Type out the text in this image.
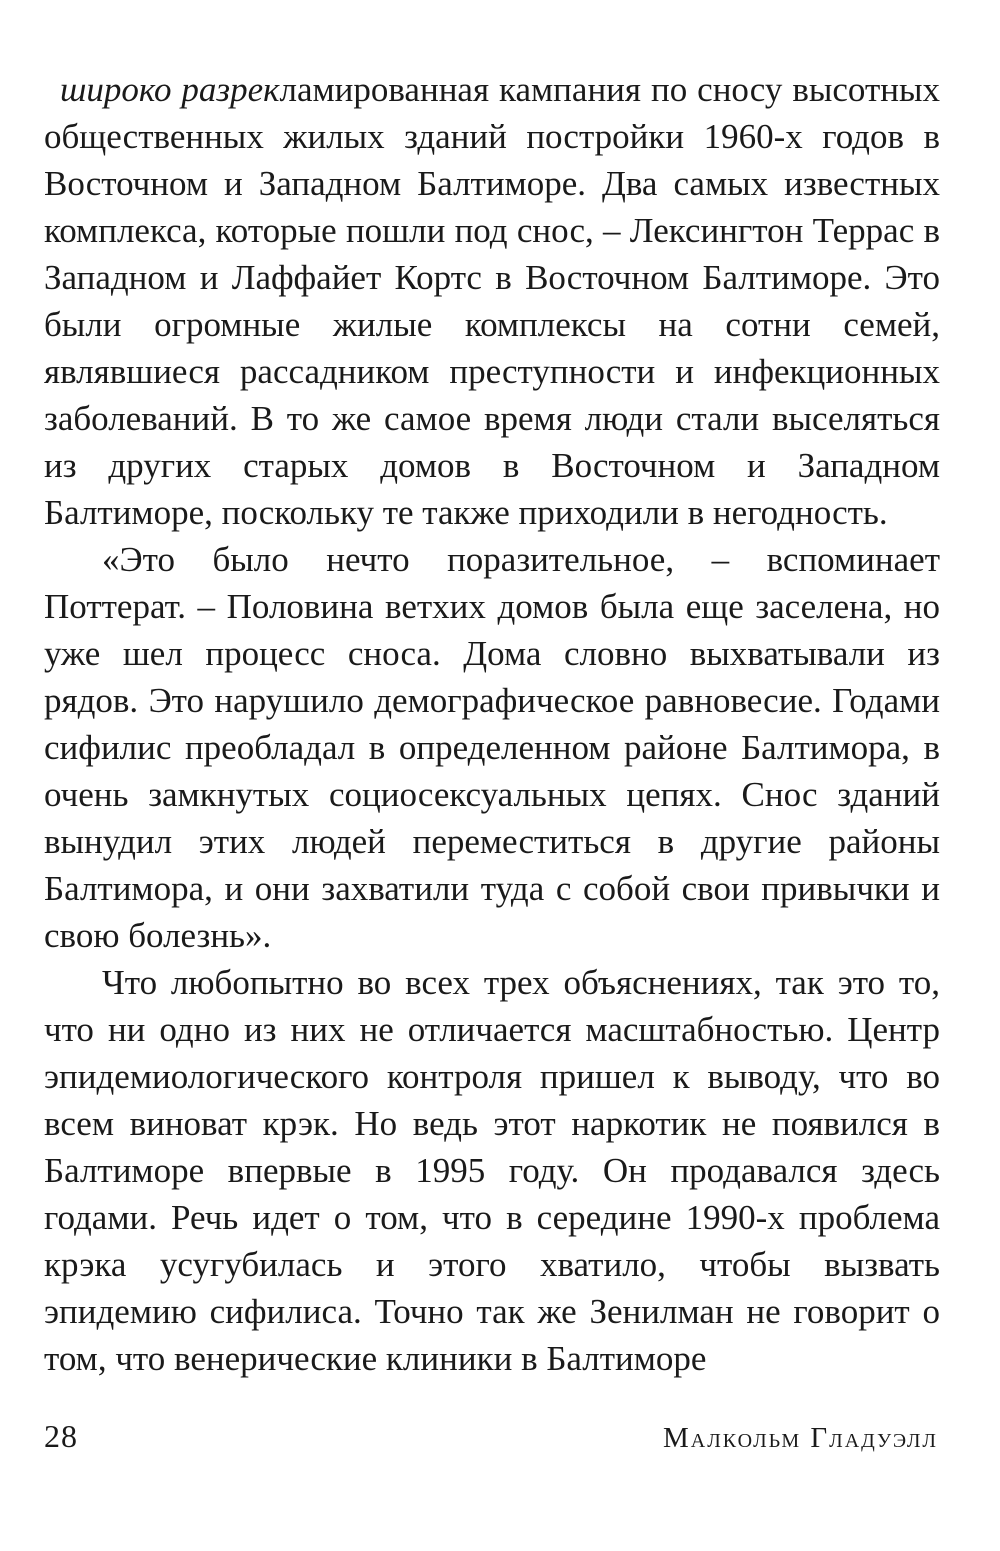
широко разрекламированная кампания по сносу высотных общественных жилых зданий постройки 1960-х годов в Восточном и Западном Балтиморе. Два самых известных комплекса, которые пошли под снос, – Лексингтон Террас в Западном и Лаффайет Кортс в Восточном Балтиморе. Это были огромные жилые комплексы на сотни семей, являвшиеся рассадником преступности и инфекционных заболеваний. В то же самое время люди стали выселяться из других старых домов в Восточном и Западном Балтиморе, поскольку те также приходили в негодность.

«Это было нечто поразительное, – вспоминает Поттерат. – Половина ветхих домов была еще заселена, но уже шел процесс сноса. Дома словно выхватывали из рядов. Это нарушило демографическое равновесие. Годами сифилис преобладал в определенном районе Балтимора, в очень замкнутых социосексуальных цепях. Снос зданий вынудил этих людей переместиться в другие районы Балтимора, и они захватили туда с собой свои привычки и свою болезнь».

Что любопытно во всех трех объяснениях, так это то, что ни одно из них не отличается масштабностью. Центр эпидемиологического контроля пришел к выводу, что во всем виноват крэк. Но ведь этот наркотик не появился в Балтиморе впервые в 1995 году. Он продавался здесь годами. Речь идет о том, что в середине 1990-х проблема крэка усугубилась и этого хватило, чтобы вызвать эпидемию сифилиса. Точно так же Зенилман не говорит о том, что венерические клиники в Балтиморе

28	Малкольм Гладуэлл
